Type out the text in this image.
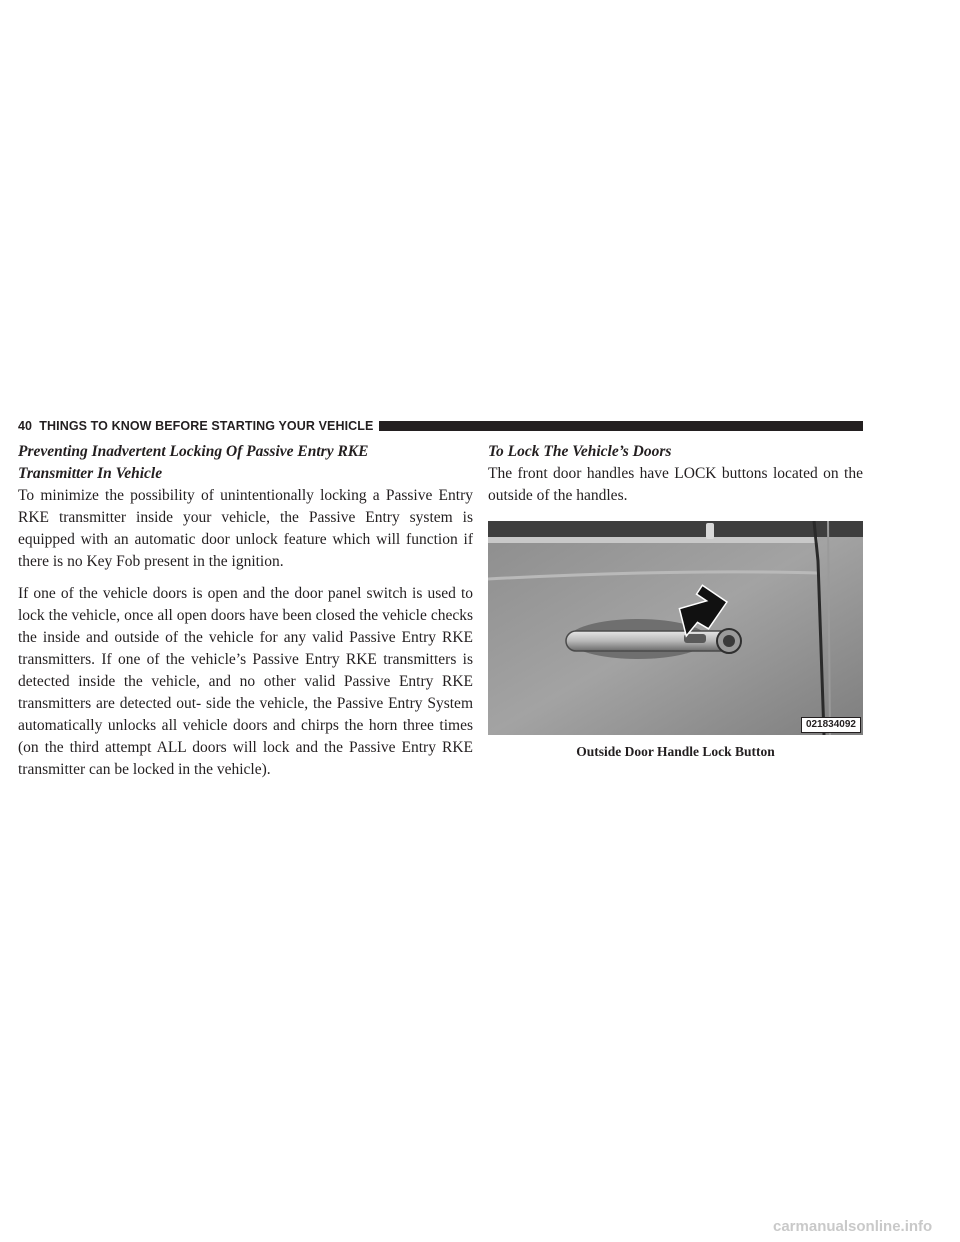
40 THINGS TO KNOW BEFORE STARTING YOUR VEHICLE
Preventing Inadvertent Locking Of Passive Entry RKE
Transmitter In Vehicle

To minimize the possibility of unintentionally locking a Passive Entry RKE transmitter inside your vehicle, the Passive Entry system is equipped with an automatic door unlock feature which will function if there is no Key Fob present in the ignition.

If one of the vehicle doors is open and the door panel switch is used to lock the vehicle, once all open doors have been closed the vehicle checks the inside and outside of the vehicle for any valid Passive Entry RKE transmitters. If one of the vehicle’s Passive Entry RKE transmitters is detected inside the vehicle, and no other valid Passive Entry RKE transmitters are detected out- side the vehicle, the Passive Entry System automatically unlocks all vehicle doors and chirps the horn three times (on the third attempt ALL doors will lock and the Passive Entry RKE transmitter can be locked in the vehicle).

To Lock The Vehicle’s Doors

The front door handles have LOCK buttons located on the outside of the handles.

021834092
Outside Door Handle Lock Button
carmanualsonline.info
